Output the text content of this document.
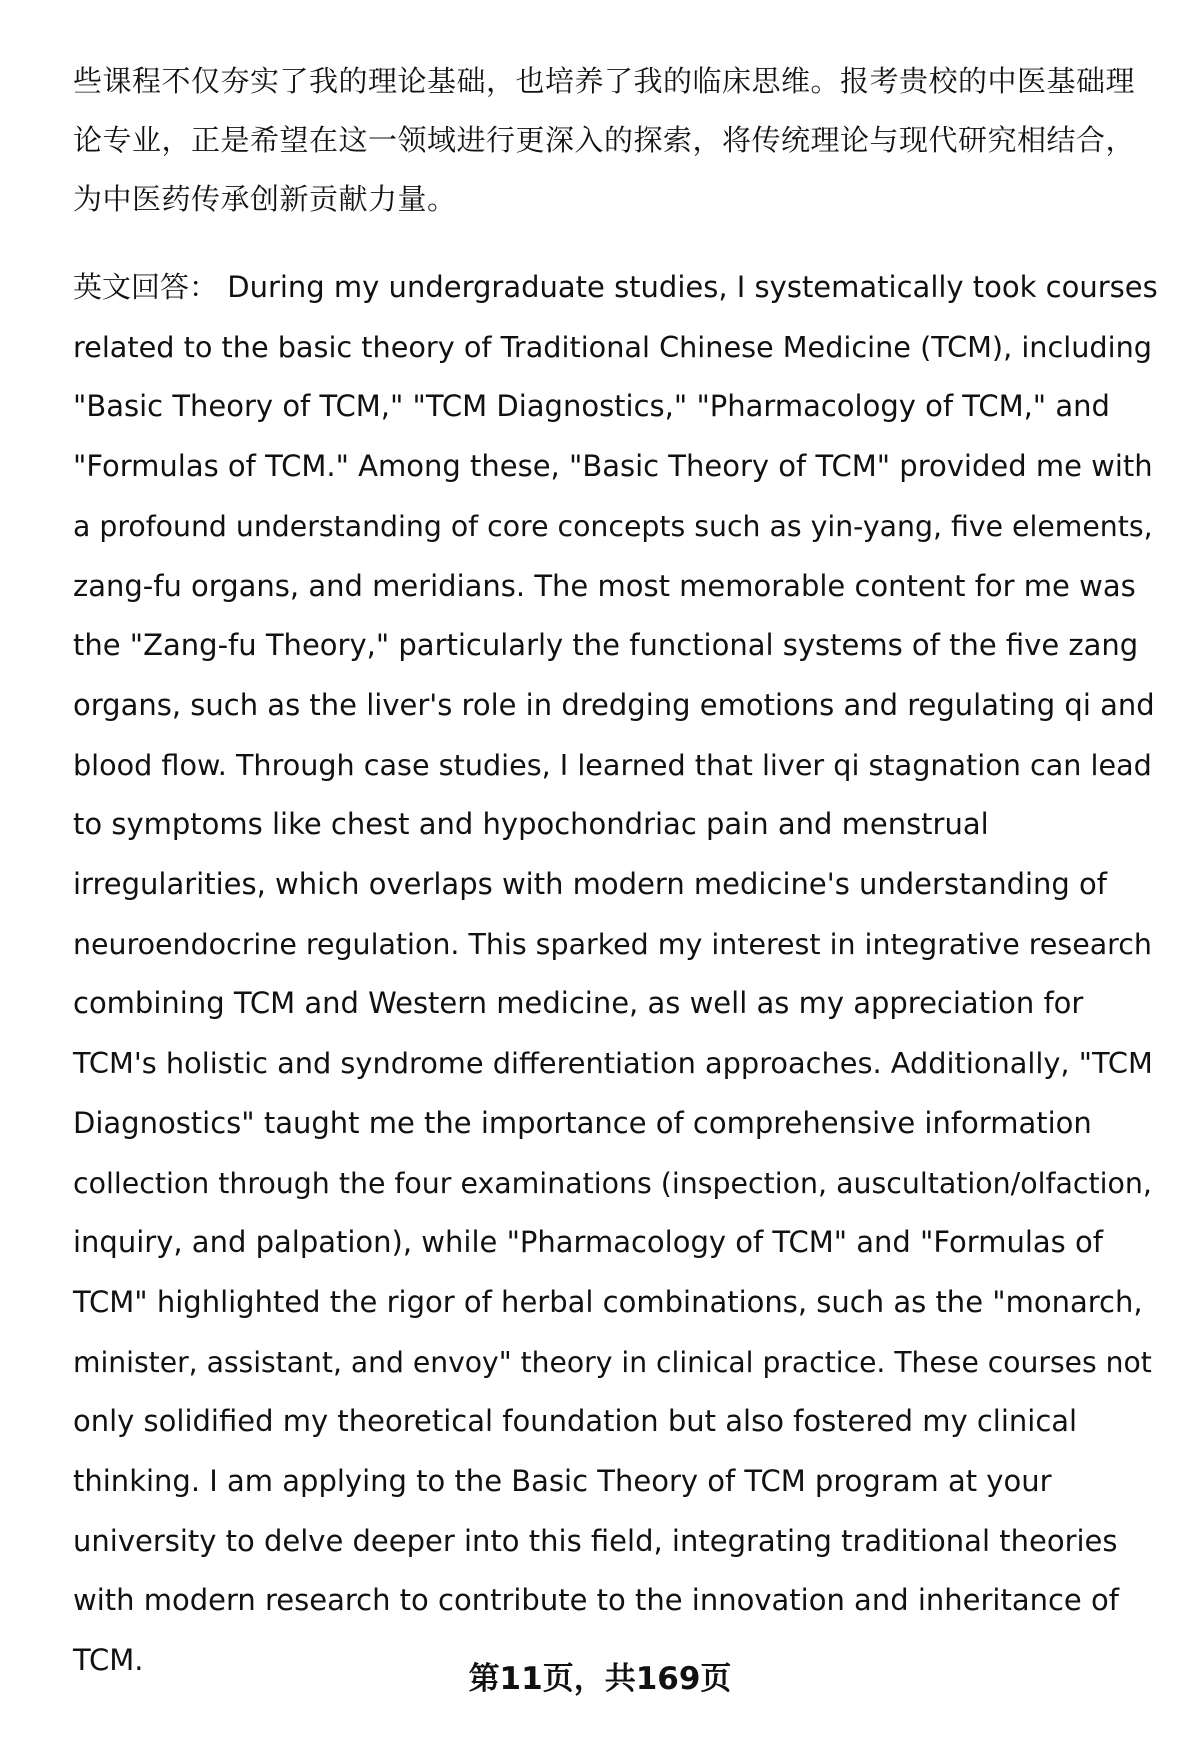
些课程不仅夯实了我的理论基础，也培养了我的临床思维。报考贵校的中医基础理
论专业，正是希望在这一领域进行更深入的探索，将传统理论与现代研究相结合，
为中医药传承创新贡献力量。
英文回答： During my undergraduate studies, I systematically took courses
related to the basic theory of Traditional Chinese Medicine (TCM), including
"Basic Theory of TCM," "TCM Diagnostics," "Pharmacology of TCM," and
"Formulas of TCM." Among these, "Basic Theory of TCM" provided me with
a profound understanding of core concepts such as yin-yang, five elements,
zang-fu organs, and meridians. The most memorable content for me was
the "Zang-fu Theory," particularly the functional systems of the five zang
organs, such as the liver's role in dredging emotions and regulating qi and
blood flow. Through case studies, I learned that liver qi stagnation can lead
to symptoms like chest and hypochondriac pain and menstrual
irregularities, which overlaps with modern medicine's understanding of
neuroendocrine regulation. This sparked my interest in integrative research
combining TCM and Western medicine, as well as my appreciation for
TCM's holistic and syndrome differentiation approaches. Additionally, "TCM
Diagnostics" taught me the importance of comprehensive information
collection through the four examinations (inspection, auscultation/olfaction,
inquiry, and palpation), while "Pharmacology of TCM" and "Formulas of
TCM" highlighted the rigor of herbal combinations, such as the "monarch,
minister, assistant, and envoy" theory in clinical practice. These courses not
only solidified my theoretical foundation but also fostered my clinical
thinking. I am applying to the Basic Theory of TCM program at your
university to delve deeper into this field, integrating traditional theories
with modern research to contribute to the innovation and inheritance of
TCM.
第11页，共169页
